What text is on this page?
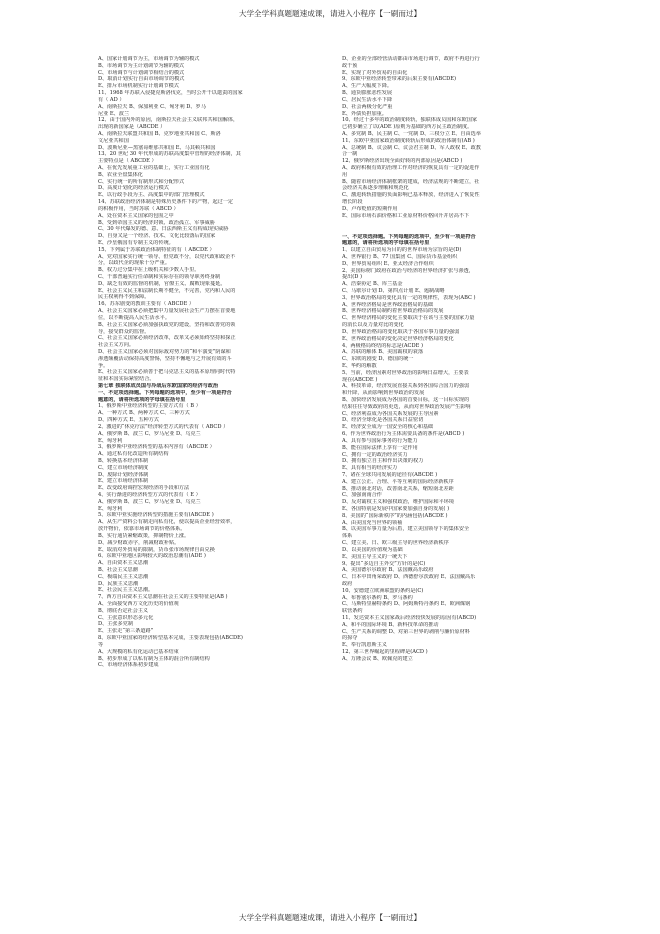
大学全学科真题题速成课，请进入小程序【一刷而过】
A、国家计划调节为主，市场调节为辅的模式
B、市场调节为主计划调节为辅的模式
C、市场调节与计划调节相结合的模式
D、取消计划实行自由市场调节的模式
E、排斥市场机制实行计划调节模式
11、1968 年苏联入侵捷克斯洛伐克，当时公开干以遣责的国家
有（ AD ）
A、南斯拉夫 B、保加利亚 C、匈牙利 D、罗马
尼亚 E、波兰
12、由于国内外的原因，南斯拉夫社会主义联邦共和国解体，
出现的新国家是（ABCDE ）
A、南斯拉夫联盟共和国 B、克罗地亚共和国 C、斯洛
文尼亚共和国
D、波斯尼亚—黑塞哥维那共和国 E、马其顿共和国
13、20 世纪 30 年代形成的苏联高度集中管理的经济体制，其
主要特点是（ ABCDE ）
A、在优先发展重工业的基础上，实行工业国有化
B、农业全盘集体化
C、实行统一的所有制形式和分配形式
D、高度计划化的经济运行模式
E、以行政手段为主、高度集中的部门管理模式
14、苏联政治经济体制是特殊历史条件下的产物，起过一定
的积极作用，当时苏联（ ABCD ）
A、处在资本主义国家的包围之中
B、受到帝国主义的经济封锁、政治孤立、军事威胁
C、30 年代爆发的德、意、日法西斯主义有构成现实威胁
D、自身又是一个经济、技术、文化比较落后的国家
E、沙皇俄国有专制主义的传统。
15、下列属于苏联政治体制特征的有（ ABCDE ）
A、党对国家实行统一领导、但党政不分，以党代政和政企不
分，以政代企的现象十分严重。
B、权力过分集中在上级机关和少数人手里。
C、干部普遍实行任命制和实际存在的领导职务终身制
D、缺乏有效的监督的机制，官僚主义、腐败现象蔓延。
E、社会主义民主和法制长期不健全，不完善，党内和人民的
民主权利得不到保障。
16、苏东剧变的教训主要有（ ABCDE ）
A、社会主义国家必须把集中力量发展社会生产力摆在首要地
位，以不断提高人民生活水平。
B、社会主义国家必须加强执政党的建设，坚持和改善党的领
导，接受群众的监督。
C、社会主义国家必须经济改革，改革又必须始终坚持和探正
社会主义方向。
D、社会主义国家必须对国际敌对势力的“和平演变”阴谋和
渗透颠覆活动保持高度警惕，坚持不懈地与之开展有效的斗
争。
E、社会主义国家必须善于把马克思主义的基本原理同时代特
征和本国实际紧密结合。
第七章 独联体成员国与冷战后东欧国家的经济与政治
一、不定项选择题。下列每题的选项中，至少有一项是符合
题意的，请将所选项的字母填在括号里
1、俄罗斯中亚经济转型的主要方式有（ B ）
A、一种方式 B、两种方式 C、三种方式
D、四种方式 E、五种方式
2、激进的“休克疗法”经济转型方式的代表有（ ABCD ）
A、俄罗斯 B、波兰 C、罗马尼亚 D、乌克兰
E、匈牙利
3、俄罗斯中亚经济转型的基本内容有（ABCDE ）
A、通过私有化改造所有制结构
B、转换基本经济体制
C、建立市场经济制度
D、废除计划经济体制
E、建立市场经济体制
E、改变政府调控宏观经济的手段和方法
4、实行渐进的经济转型方式的代表有（ E ）
A、俄罗斯 B、波兰 C、罗马尼亚 D、乌克兰
E、匈牙利
5、东欧中亚实施经济转型的措施主要有(ABCDE )
A、从生产资料公有制走向私有化，使以提高企业经营效率，
放开物价，依靠市场调节的价格体系。
B、实行通货紧缩政策，抑制物价上涨。
D、减少财政赤字，削减财政补贴。
E、取消对外贸易的限制，货币张市场规律自由兑换
6、东欧中亚地区影响较大的政治思潮有(ADE )
A、自由资本主义思潮
B、社会主义思潮
C、极端民主主义思潮
D、民族主义思潮
E、社会民主主义思潮。
7、西方自由资本主义思潮在社会主义的主要特征是(AB )
A、全面接受西方文化历史的价值观
B、彻底否定社会主义
C、主张意识形态多元化
D、主张多党制
E、主张走“第三条道路”
8、东欧中亚国家的经济转型基本完成，主要表现包括(ABCDE)
等
A、大规模的私有化运动已基本结束
B、初步形成了以私有制为主体的混合所有制结构
C、市场经济体系初步建成
D、企业的全部经营活动都由市场进行调节，政府不再进行行
政干预
E、实现了对外贸易的自由化
9、东欧中亚经济转型带来的后果主要有(ABCDE)
A、生产大幅度下降。
B、通货膨胀恶性发展
C、居民生活水平下降
D、社会两极分化严重
E、外债负担加重。
10、经过十多年的政治制度转轨，独联体成员国和东欧国家
已初步确立了以(ADE )原则为基础的西方民主政治制度。
A、多党制 B、民主制 C、一党制 D、三权分立 E、自由选举
11、东欧中亚国家政治制度转轨后形成的政治体制有(AB )
A、总统制 B、议会制 C、议会君主制 D、军人政权 E、政教
合一制
12、俄罗斯经济出现全面好转的内部原因是(ABCD )
A、政府积极有效的治理工作对经济的恢复具有一定的促进作
用
B、随着市场经济体制框架的建成，经济法规的不断建立，社
会经济关系逐步理顺和规范化
C、激进转轨措施的负面影响已基本释放，经济进入了恢复性
增长阶段
D、卢布贬值的短期作用
E、国际市场石油价格和工业原材料价格回升并居高不下
一、不定项选择题。下列每题的选项中，至少有一项是符合
题意的，请将所选项的字母填在括号里
1、以建立自由贸易为目的的世界市场为宗旨的是(D)
A、世界银行 B、77 国集团 C、国际货币基金组织
D、世界贸易组织 E、亚太经济合作组织
2、美国标榜门政府在政治与经济的世界经济扩张与渗透，
提出(D )
A、浩秦协定 B、库兰基金
C、马歇尔计划 D、第四点计划 E、遏制战略
3、世界政治格局的变化具有一定的规律性，表现为(ABC )
A、世界经济格局是世界政治格局的基础
B、世界经济格局制约着世界政治格局的发展
C、世界经济格局的变化主要取决于在该与主要的国家力量
的消长以及力量对比的变化
D、世界政治格局的变化取决于各国军事力量的强弱
E、世界政治格局的变化决定世界经济格局的变化
4、两极格局终结的标志是(ACDE )
A、苏联的解体 B、美国霸权的衰落
C、东欧的剧变 D、德国的统一
E、华约的解散
5、当前，经济因素对世界政治的影响日益增大，主要表
现在(ABCDE )
A、科技革命，经济发展直接关系到各国综合国力的强弱
和升降，从而影响到世界政治的发展
B、加快经济发展成为各国的首要目标，这一目标实现的
结果往往导致政府的更迭，从而对世界政治发展产生影响
C、经济利益成为各国关系发展的主导因素
D、经济全球化是各国关系日益密切
E、经济安全成为一国安全的核心和基础
6、作为世界政治行为主体需要具备的条件是(ABCD )
A、具有参与国际事务的行为能力
B、能在国际法律上享有一定作用
C、拥有一定的政治经济实力
D、拥有独立自主和作出决策的权力
E、具有相当的经济实力
7、诸在全球共同发展的途径有(ABCDE )
A、建立公正、合理、平等互利的国际经济新秩序
B、推动南北对话，改善南北关系，缩短南北差距
C、加强南南合作
D、反对霸权主义和强权政治，维护国际和平环境
E、各国特别是发展中国家要加强自身的发展( )
8、美国的“国际新秩序”的内涵包括(ABCDE )
A、由美国充当世界的领袖
B、以美国军事力量为后盾，建立美国领导下的集体安全
体系
C、建立美、日、欧三级主导的世界经济新秩序
D、以美国的价值观为基础
E、美国主导主义的一统天下
9、提出“多边自主外交”方针的是(C)
A、美国德尔尔政府 B、法国戴高乐政府
C、日本中田角荣政府 D、西德舒尔茨政府 E、法国戴高乐
政府
10、安德建立欧洲联盟的条约是(C)
A、布鲁塞尔条约 B、罗马条约
C、马斯特里赫特条约 D、阿姆斯特丹条约 E、欧洲煤钢
联营条约
11、发达资本主义国家战后经济较快发展的原因有(ABCD)
A、和平的国际环境 B、新科技革命的推动
C、生产关系的调整 D、对第三世界的剥削与廉价原材料
的掠夺
E、奉行凯恩斯主义
12、第三世界崛起的里程碑是(ACD )
A、万隆会议 B、欧佩克的建立
大学全学科真题题速成课，请进入小程序【一刷而过】
